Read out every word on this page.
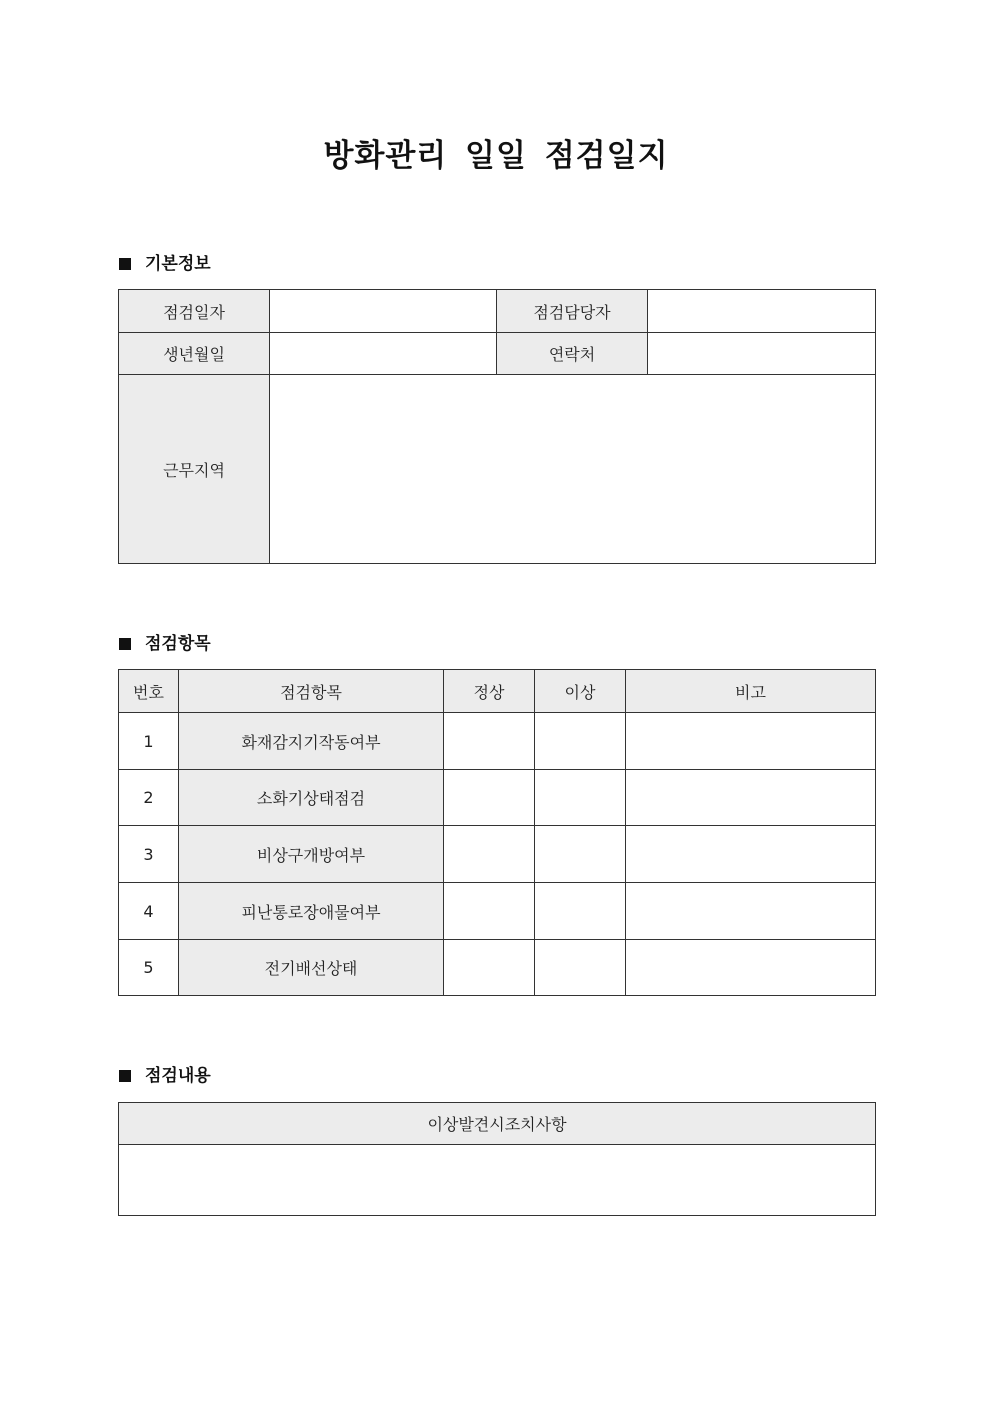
방화관리 일일 점검일지
기본정보
점검일자		점검담당자	
생년월일		연락처	
근무지역			
점검항목
번호	점검항목	정상	이상	비고
1	화재감지기작동여부			
2	소화기상태점검			
3	비상구개방여부			
4	피난통로장애물여부			
5	전기배선상태			
점검내용
이상발견시조치사항
